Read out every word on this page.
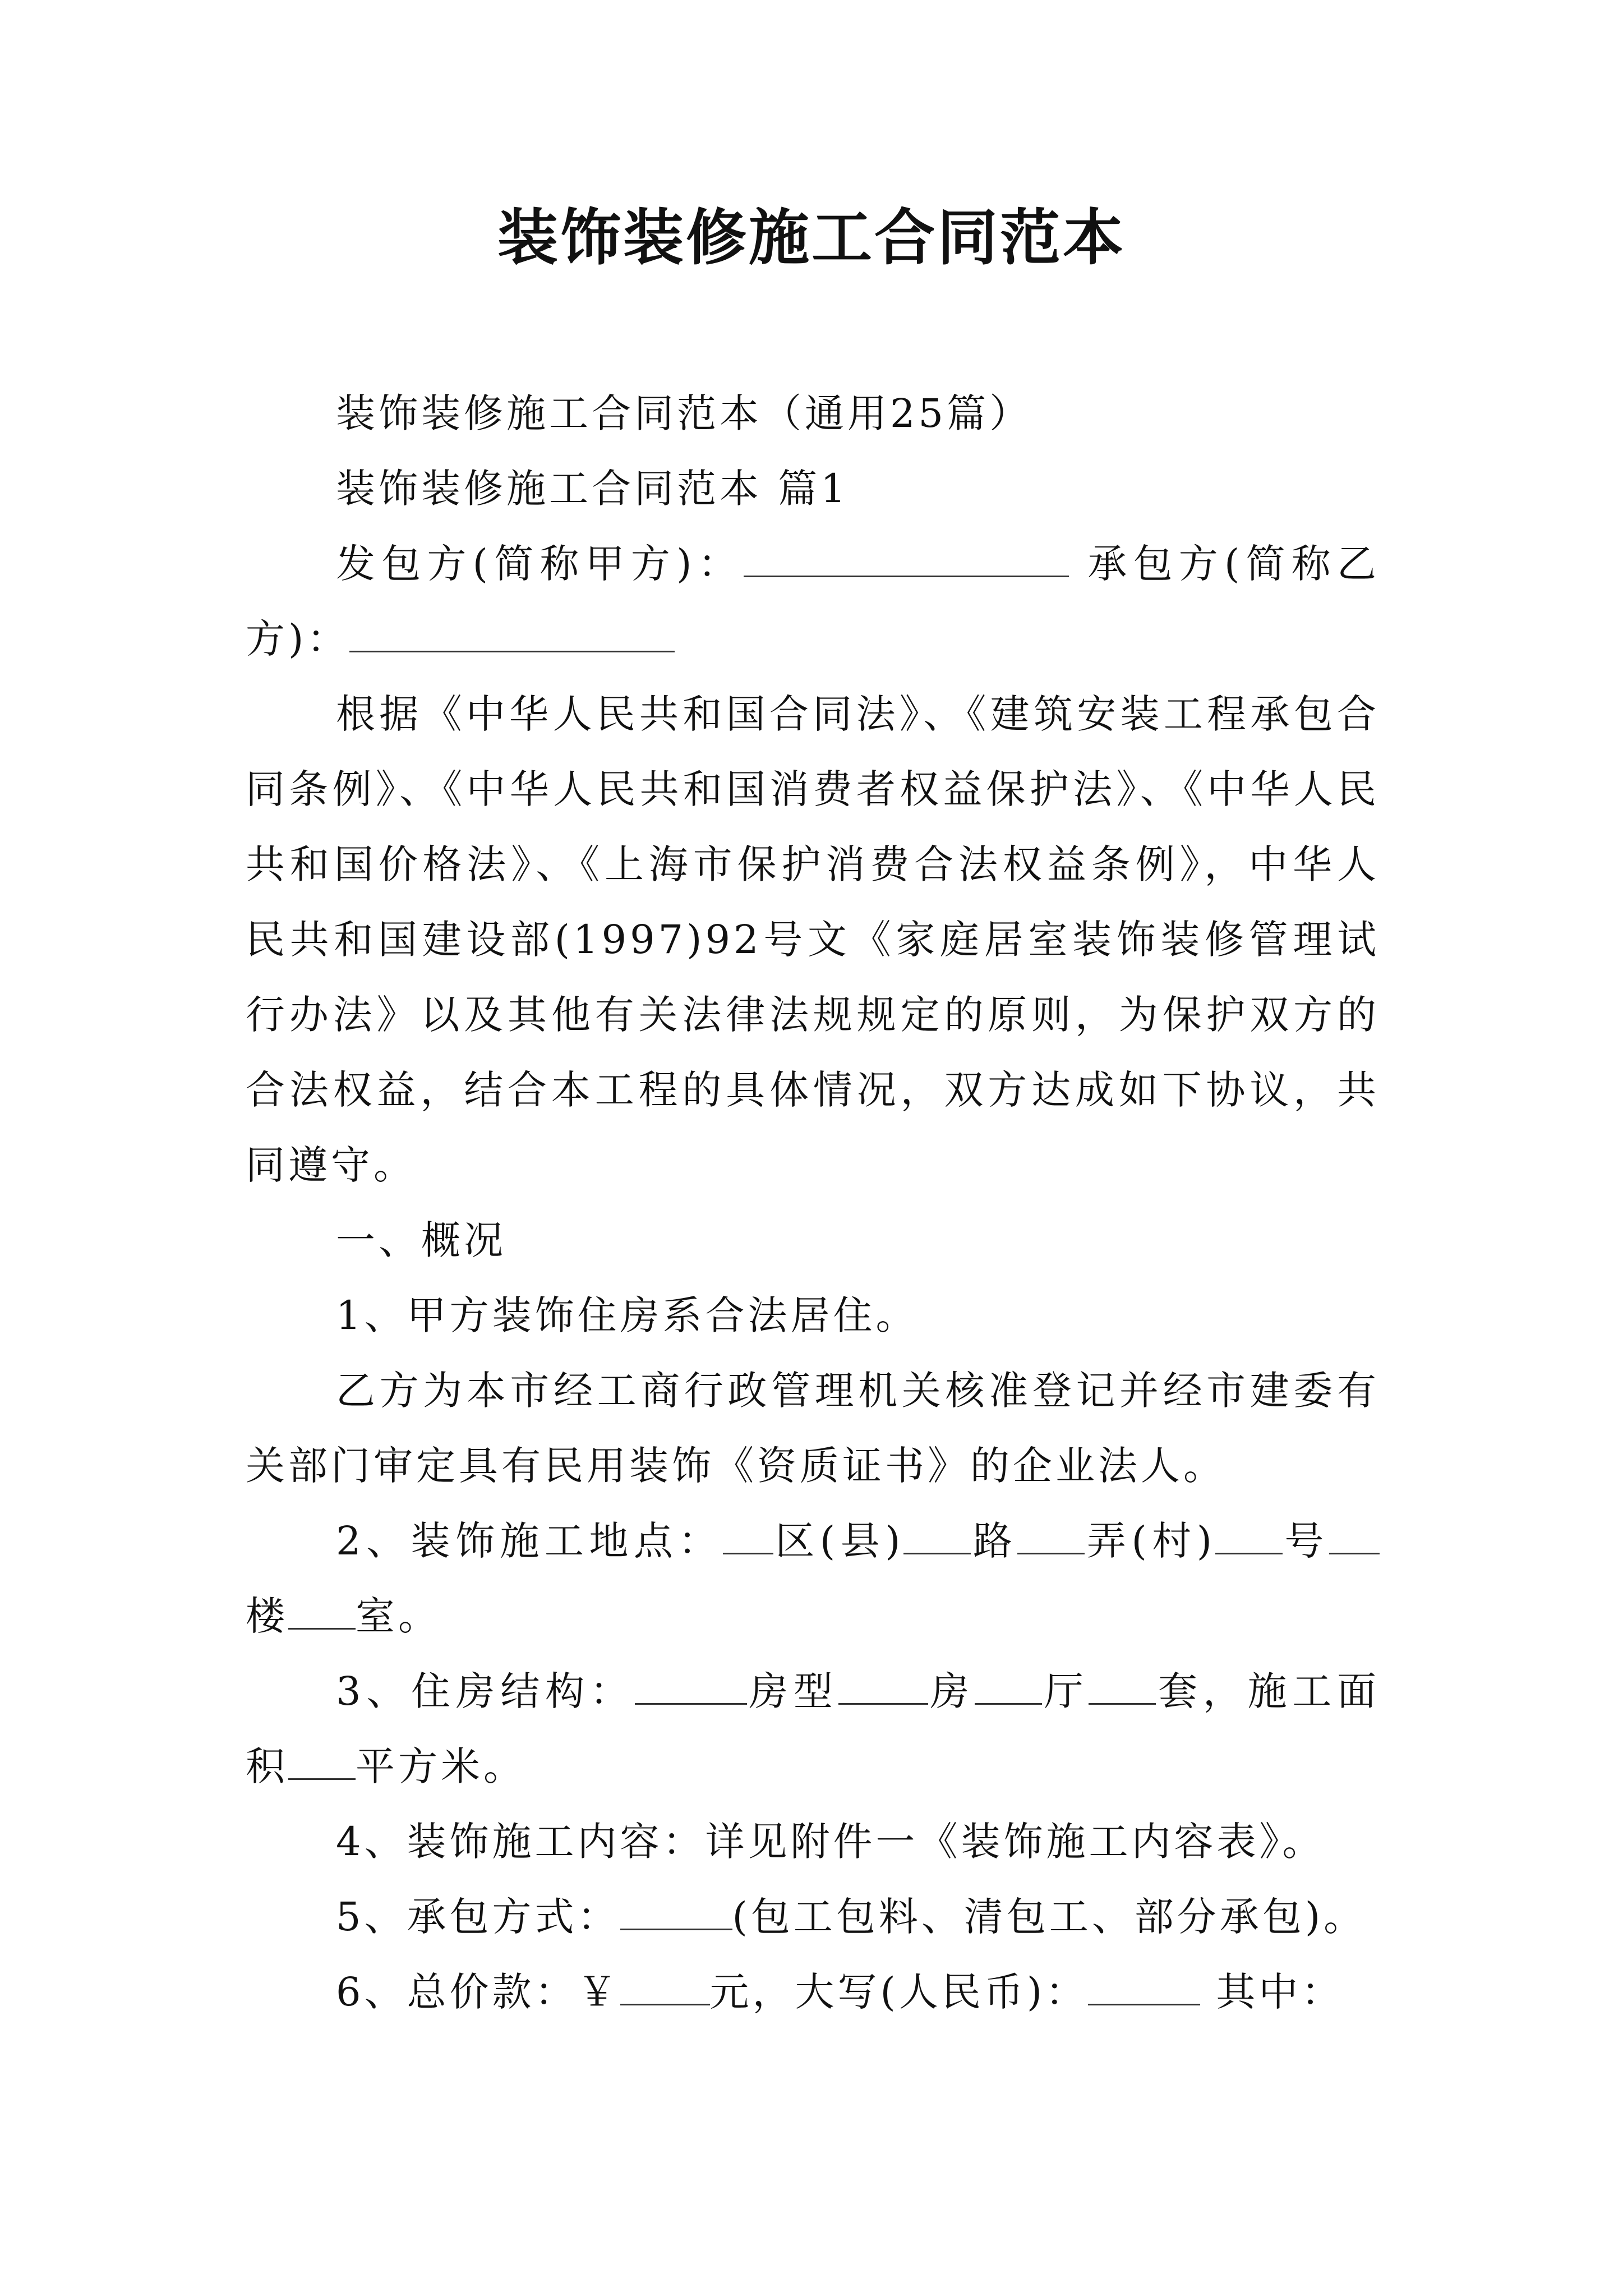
装饰装修施工合同范本

装饰装修施工合同范本（通用25篇）

装饰装修施工合同范本 篇1

发包方(简称甲方)：	承包方(简称乙方)：

根据《中华人民共和国合同法》、《建筑安装工程承包合同条例》、《中华人民共和国消费者权益保护法》、《中华人民共和国价格法》、《上海市保护消费合法权益条例》，中华人民共和国建设部(1997)92号文《家庭居室装饰装修管理试行办法》以及其他有关法律法规规定的原则，为保护双方的合法权益，结合本工程的具体情况，双方达成如下协议，共同遵守。

一、概况

1、甲方装饰住房系合法居住。

乙方为本市经工商行政管理机关核准登记并经市建委有关部门审定具有民用装饰《资质证书》的企业法人。

2、装饰施工地点： 区(县) 路 弄(村) 号楼 室。

3、住房结构：	房型 房 厅 套，施工面积 平方米。

4、装饰施工内容：详见附件一《装饰施工内容表》。

5、承包方式：	(包工包料、清包工、部分承包)。

6、总价款：￥ 元，大写(人民币)：	其中：
